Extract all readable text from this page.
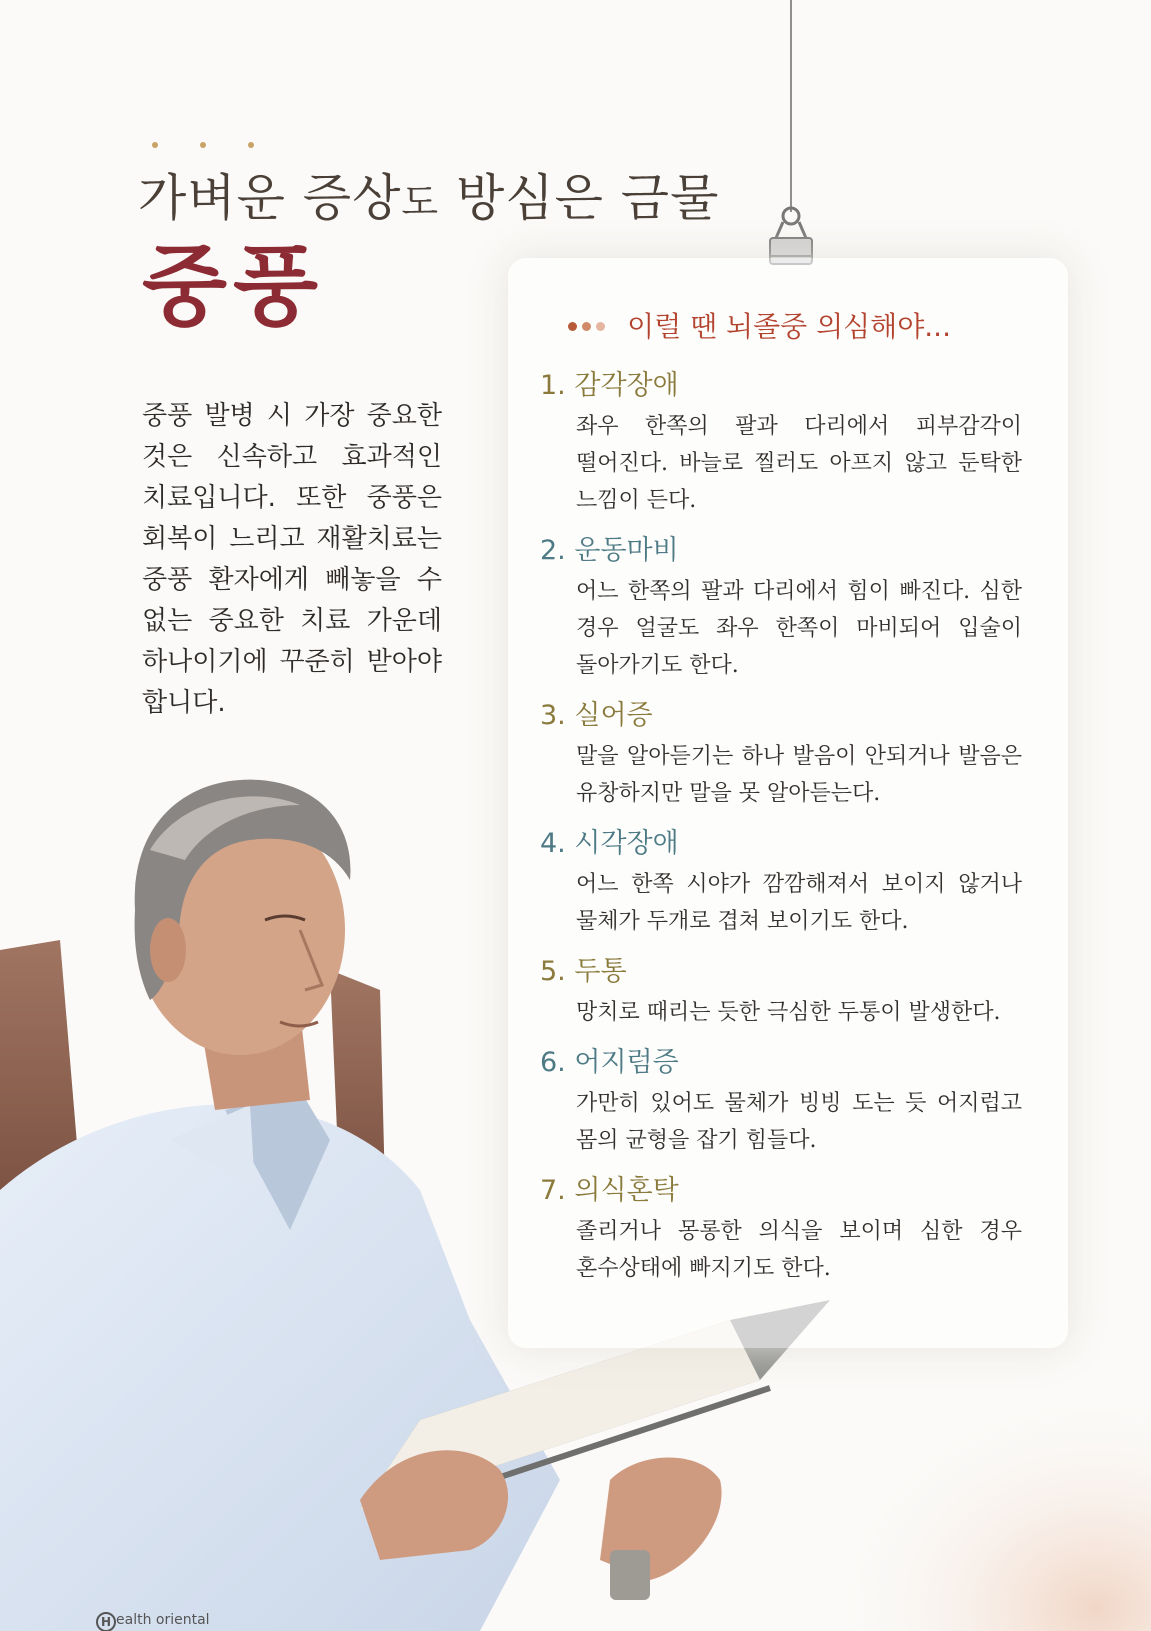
가벼운 증상도 방심은 금물
중풍

중풍 발병 시 가장 중요한 것은 신속하고 효과적인 치료입니다. 또한 중풍은 회복이 느리고 재활치료는 중풍 환자에게 빼놓을 수 없는 중요한 치료 가운데 하나이기에 꾸준히 받아야 합니다.

이럴 땐 뇌졸중 의심해야...
1. 감각장애

좌우 한쪽의 팔과 다리에서 피부감각이 떨어진다. 바늘로 찔러도 아프지 않고 둔탁한 느낌이 든다.

2. 운동마비

어느 한쪽의 팔과 다리에서 힘이 빠진다. 심한 경우 얼굴도 좌우 한쪽이 마비되어 입술이 돌아가기도 한다.

3. 실어증

말을 알아듣기는 하나 발음이 안되거나 발음은 유창하지만 말을 못 알아듣는다.

4. 시각장애

어느 한쪽 시야가 깜깜해져서 보이지 않거나 물체가 두개로 겹쳐 보이기도 한다.

5. 두통

망치로 때리는 듯한 극심한 두통이 발생한다.

6. 어지럼증

가만히 있어도 물체가 빙빙 도는 듯 어지럽고 몸의 균형을 잡기 힘들다.

7. 의식혼탁

졸리거나 몽롱한 의식을 보이며 심한 경우 혼수상태에 빠지기도 한다.

H ealth oriental
